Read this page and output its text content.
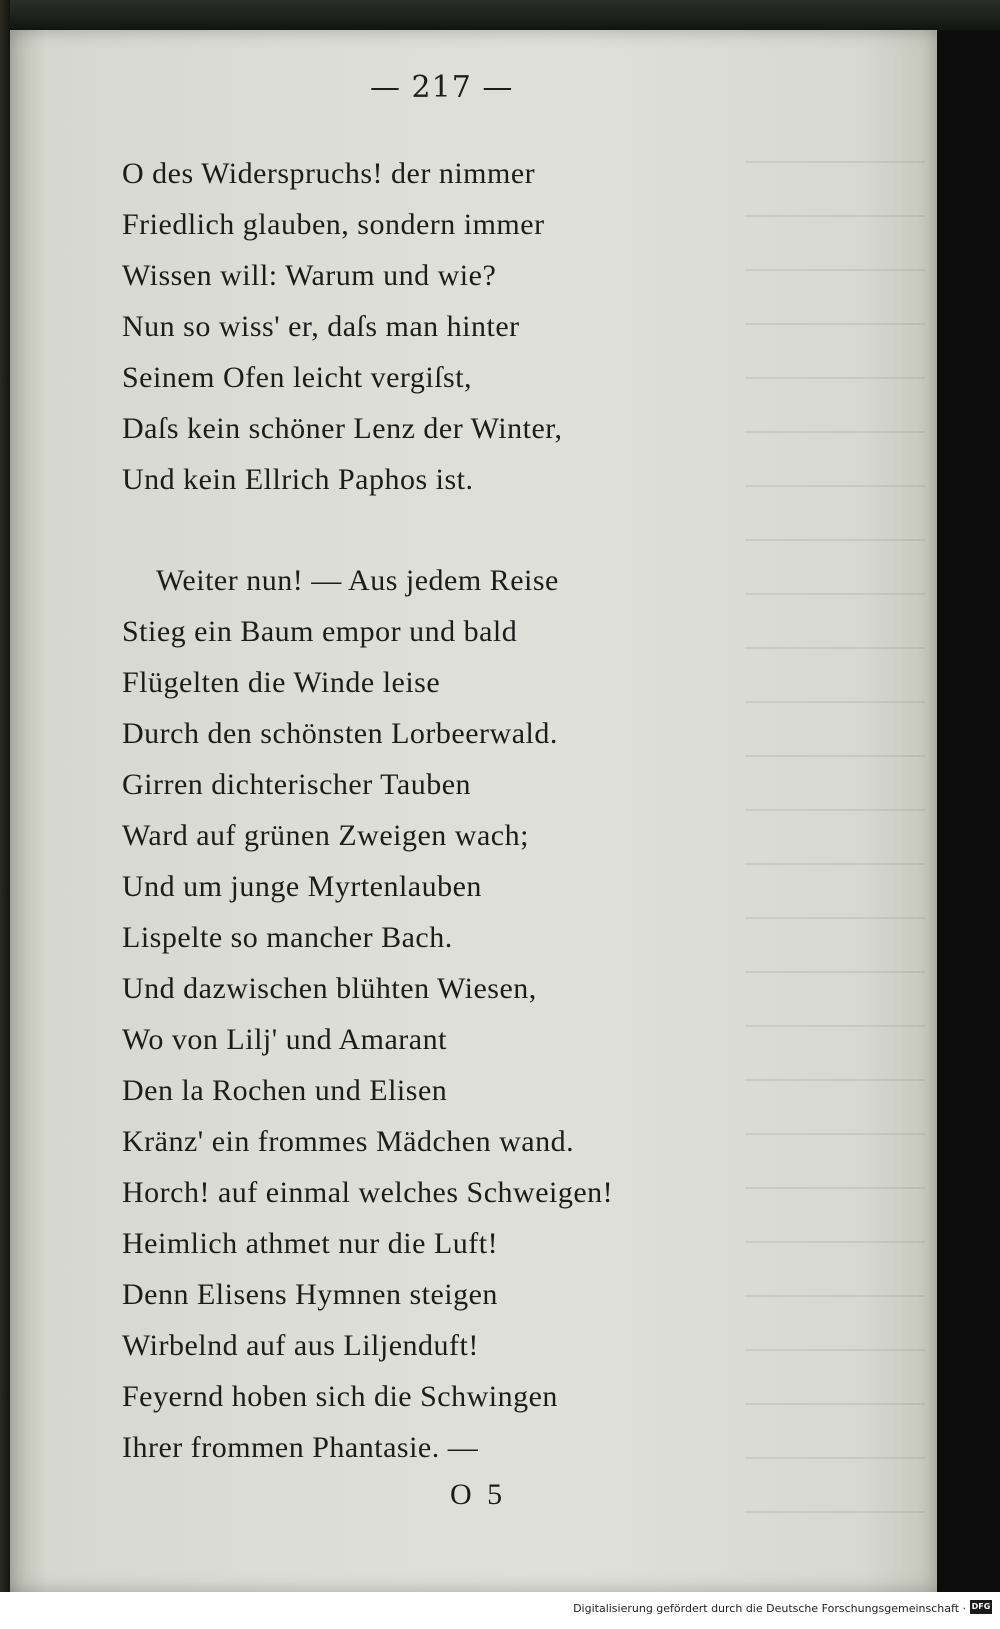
— 217 —
O des Widerspruchs! der nimmer
Friedlich glauben, sondern immer
Wissen will: Warum und wie?
Nun so wiss' er, daſs man hinter
Seinem Ofen leicht vergiſst,
Daſs kein schöner Lenz der Winter,
Und kein Ellrich Paphos ist.
Weiter nun! — Aus jedem Reise
Stieg ein Baum empor und bald
Flügelten die Winde leise
Durch den schönsten Lorbeerwald.
Girren dichterischer Tauben
Ward auf grünen Zweigen wach;
Und um junge Myrtenlauben
Lispelte so mancher Bach.
Und dazwischen blühten Wiesen,
Wo von Lilj' und Amarant
Den la Rochen und Elisen
Kränz' ein frommes Mädchen wand.
Horch! auf einmal welches Schweigen!
Heimlich athmet nur die Luft!
Denn Elisens Hymnen steigen
Wirbelnd auf aus Liljenduft!
Feyernd hoben sich die Schwingen
Ihrer frommen Phantasie. —
O 5
Digitalisierung gefördert durch die Deutsche Forschungsgemeinschaft · DFG
